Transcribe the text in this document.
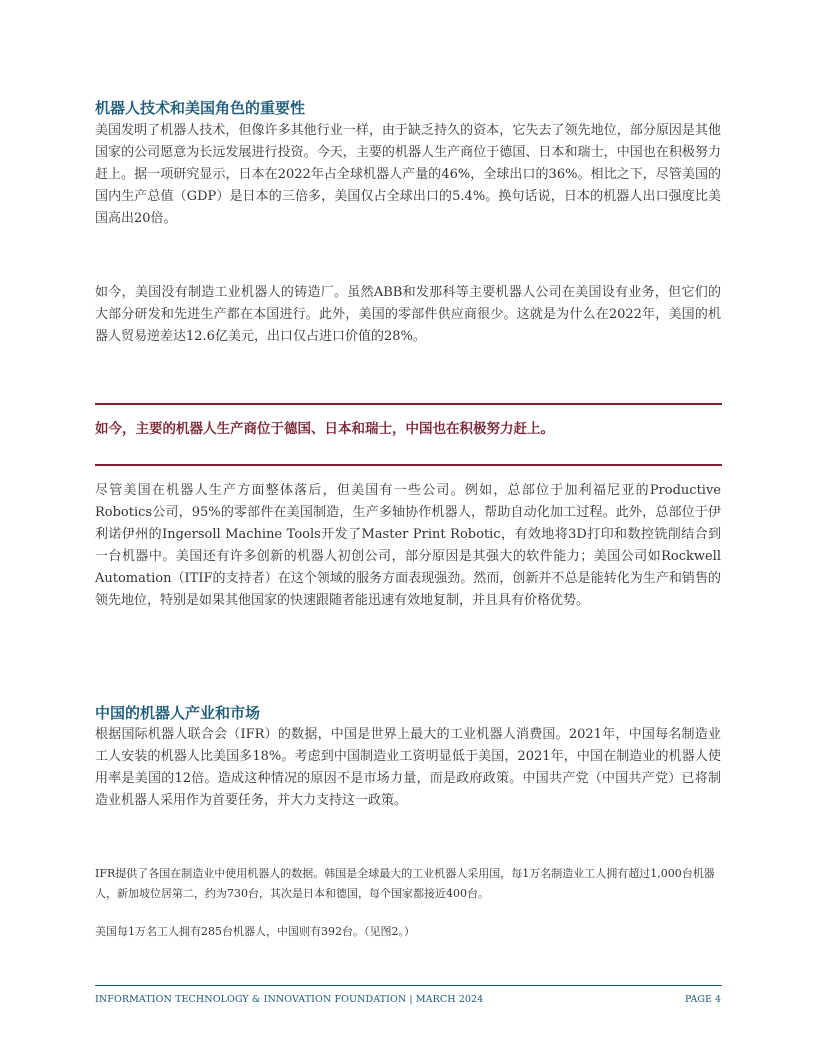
机器人技术和美国角色的重要性

美国发明了机器人技术，但像许多其他行业一样，由于缺乏持久的资本，它失去了领先地位，部分原因是其他国家的公司愿意为长远发展进行投资。今天，主要的机器人生产商位于德国、日本和瑞士，中国也在积极努力赶上。据一项研究显示，日本在2022年占全球机器人产量的46%，全球出口的36%。相比之下，尽管美国的国内生产总值（GDP）是日本的三倍多，美国仅占全球出口的5.4%。换句话说，日本的机器人出口强度比美国高出20倍。

如今，美国没有制造工业机器人的铸造厂。虽然ABB和发那科等主要机器人公司在美国设有业务，但它们的大部分研发和先进生产都在本国进行。此外，美国的零部件供应商很少。这就是为什么在2022年，美国的机器人贸易逆差达12.6亿美元，出口仅占进口价值的28%。

如今，主要的机器人生产商位于德国、日本和瑞士，中国也在积极努力赶上。

尽管美国在机器人生产方面整体落后，但美国有一些公司。例如，总部位于加利福尼亚的Productive Robotics公司，95%的零部件在美国制造，生产多轴协作机器人，帮助自动化加工过程。此外，总部位于伊利诺伊州的Ingersoll Machine Tools开发了Master Print Robotic，有效地将3D打印和数控铣削结合到一台机器中。美国还有许多创新的机器人初创公司，部分原因是其强大的软件能力；美国公司如Rockwell Automation（ITIF的支持者）在这个领域的服务方面表现强劲。然而，创新并不总是能转化为生产和销售的领先地位，特别是如果其他国家的快速跟随者能迅速有效地复制，并且具有价格优势。

中国的机器人产业和市场

根据国际机器人联合会（IFR）的数据，中国是世界上最大的工业机器人消费国。2021年，中国每名制造业工人安装的机器人比美国多18%。考虑到中国制造业工资明显低于美国，2021年，中国在制造业的机器人使用率是美国的12倍。造成这种情况的原因不是市场力量，而是政府政策。中国共产党（中国共产党）已将制造业机器人采用作为首要任务，并大力支持这一政策。

IFR提供了各国在制造业中使用机器人的数据。韩国是全球最大的工业机器人采用国，每1万名制造业工人拥有超过1,000台机器人，新加坡位居第二，约为730台，其次是日本和德国，每个国家都接近400台。

美国每1万名工人拥有285台机器人，中国则有392台。（见图2。）

INFORMATION TECHNOLOGY & INNOVATION FOUNDATION | MARCH 2024	PAGE 4
